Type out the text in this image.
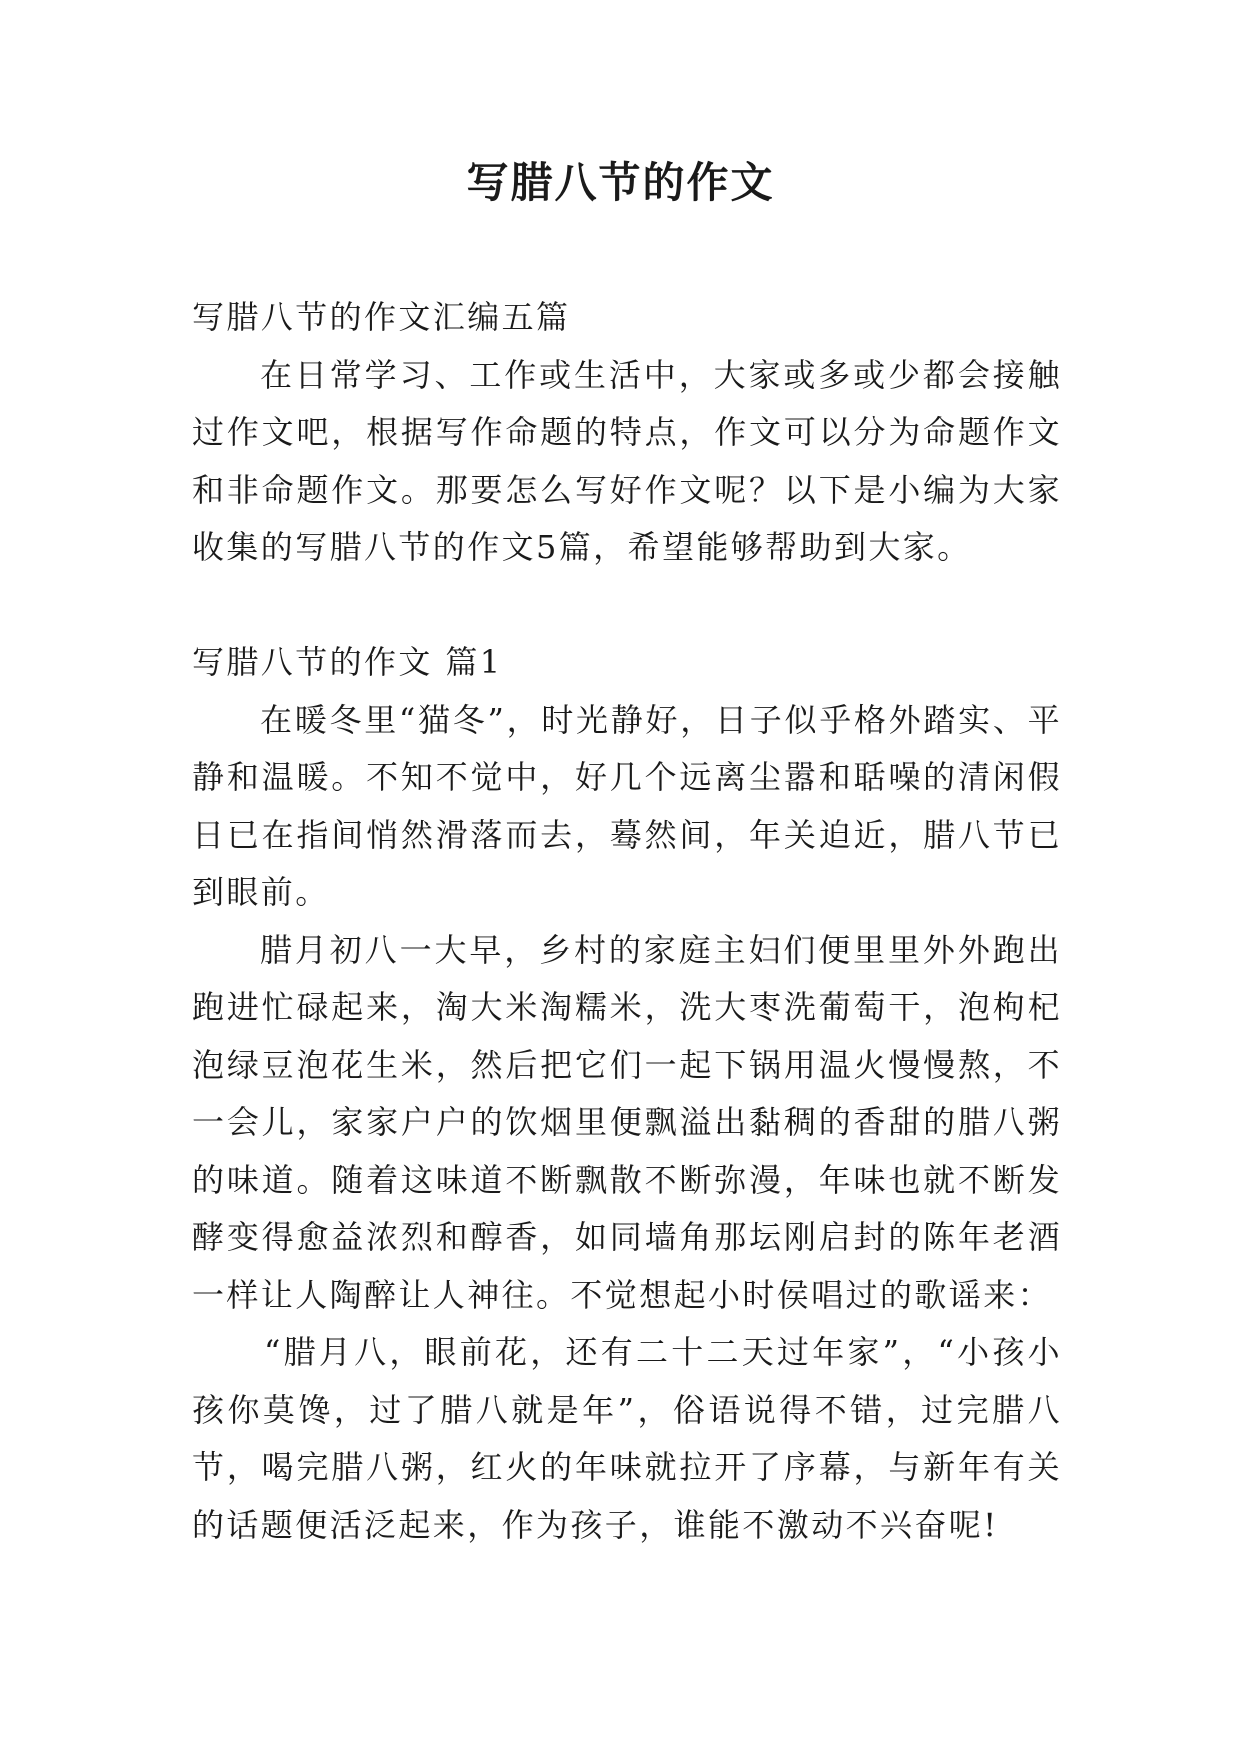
写腊八节的作文

写腊八节的作文汇编五篇

在日常学习、工作或生活中，大家或多或少都会接触过作文吧，根据写作命题的特点，作文可以分为命题作文和非命题作文。那要怎么写好作文呢？以下是小编为大家收集的写腊八节的作文5篇，希望能够帮助到大家。

写腊八节的作文 篇1

在暖冬里“猫冬”，时光静好，日子似乎格外踏实、平静和温暖。不知不觉中，好几个远离尘嚣和聒噪的清闲假日已在指间悄然滑落而去，蓦然间，年关迫近，腊八节已到眼前。

腊月初八一大早，乡村的家庭主妇们便里里外外跑出跑进忙碌起来，淘大米淘糯米，洗大枣洗葡萄干，泡枸杞泡绿豆泡花生米，然后把它们一起下锅用温火慢慢熬，不一会儿，家家户户的饮烟里便飘溢出黏稠的香甜的腊八粥的味道。随着这味道不断飘散不断弥漫，年味也就不断发酵变得愈益浓烈和醇香，如同墙角那坛刚启封的陈年老酒一样让人陶醉让人神往。不觉想起小时侯唱过的歌谣来：

“腊月八，眼前花，还有二十二天过年家”，“小孩小孩你莫馋，过了腊八就是年”，俗语说得不错，过完腊八节，喝完腊八粥，红火的年味就拉开了序幕，与新年有关的话题便活泛起来，作为孩子，谁能不激动不兴奋呢!
